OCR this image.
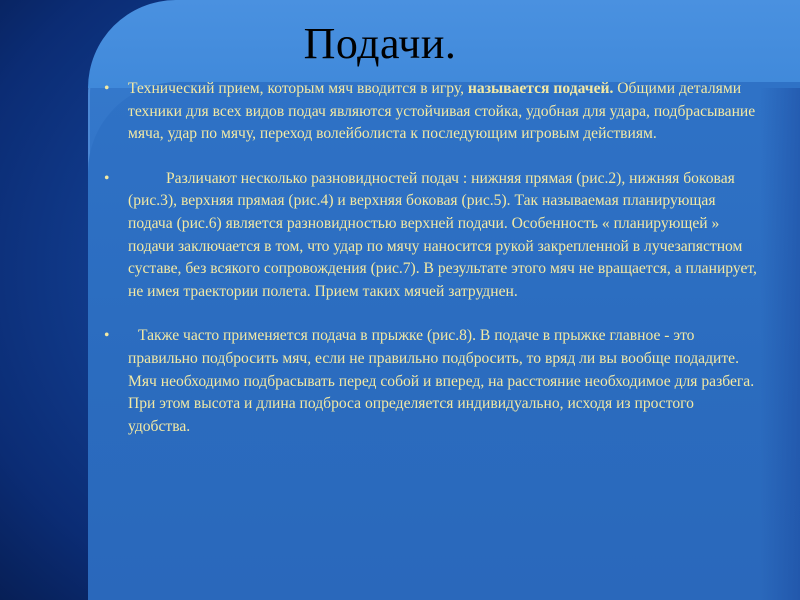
Подачи.

• Технический прием, которым мяч вводится в игру, называется подачей. Общими деталями техники для всех видов подач являются устойчивая стойка, удобная для удара, подбрасывание мяча, удар по мячу, переход волейболиста к последующим игровым действиям.

•	Различают несколько разновидностей подач : нижняя прямая (рис.2), нижняя боковая (рис.3), верхняя прямая (рис.4) и верхняя боковая (рис.5). Так называемая планирующая подача (рис.6) является разновидностью верхней подачи. Особенность « планирующей » подачи заключается в том, что удар по мячу наносится рукой закрепленной в лучезапястном суставе, без всякого сопровождения (рис.7). В результате этого мяч не вращается, а планирует, не имея траектории полета. Прием таких мячей затруднен.

• Также часто применяется подача в прыжке (рис.8). В подаче в прыжке главное - это правильно подбросить мяч, если не правильно подбросить, то вряд ли вы вообще подадите. Мяч необходимо подбрасывать перед собой и вперед, на расстояние необходимое для разбега. При этом высота и длина подброса определяется индивидуально, исходя из простого удобства.
